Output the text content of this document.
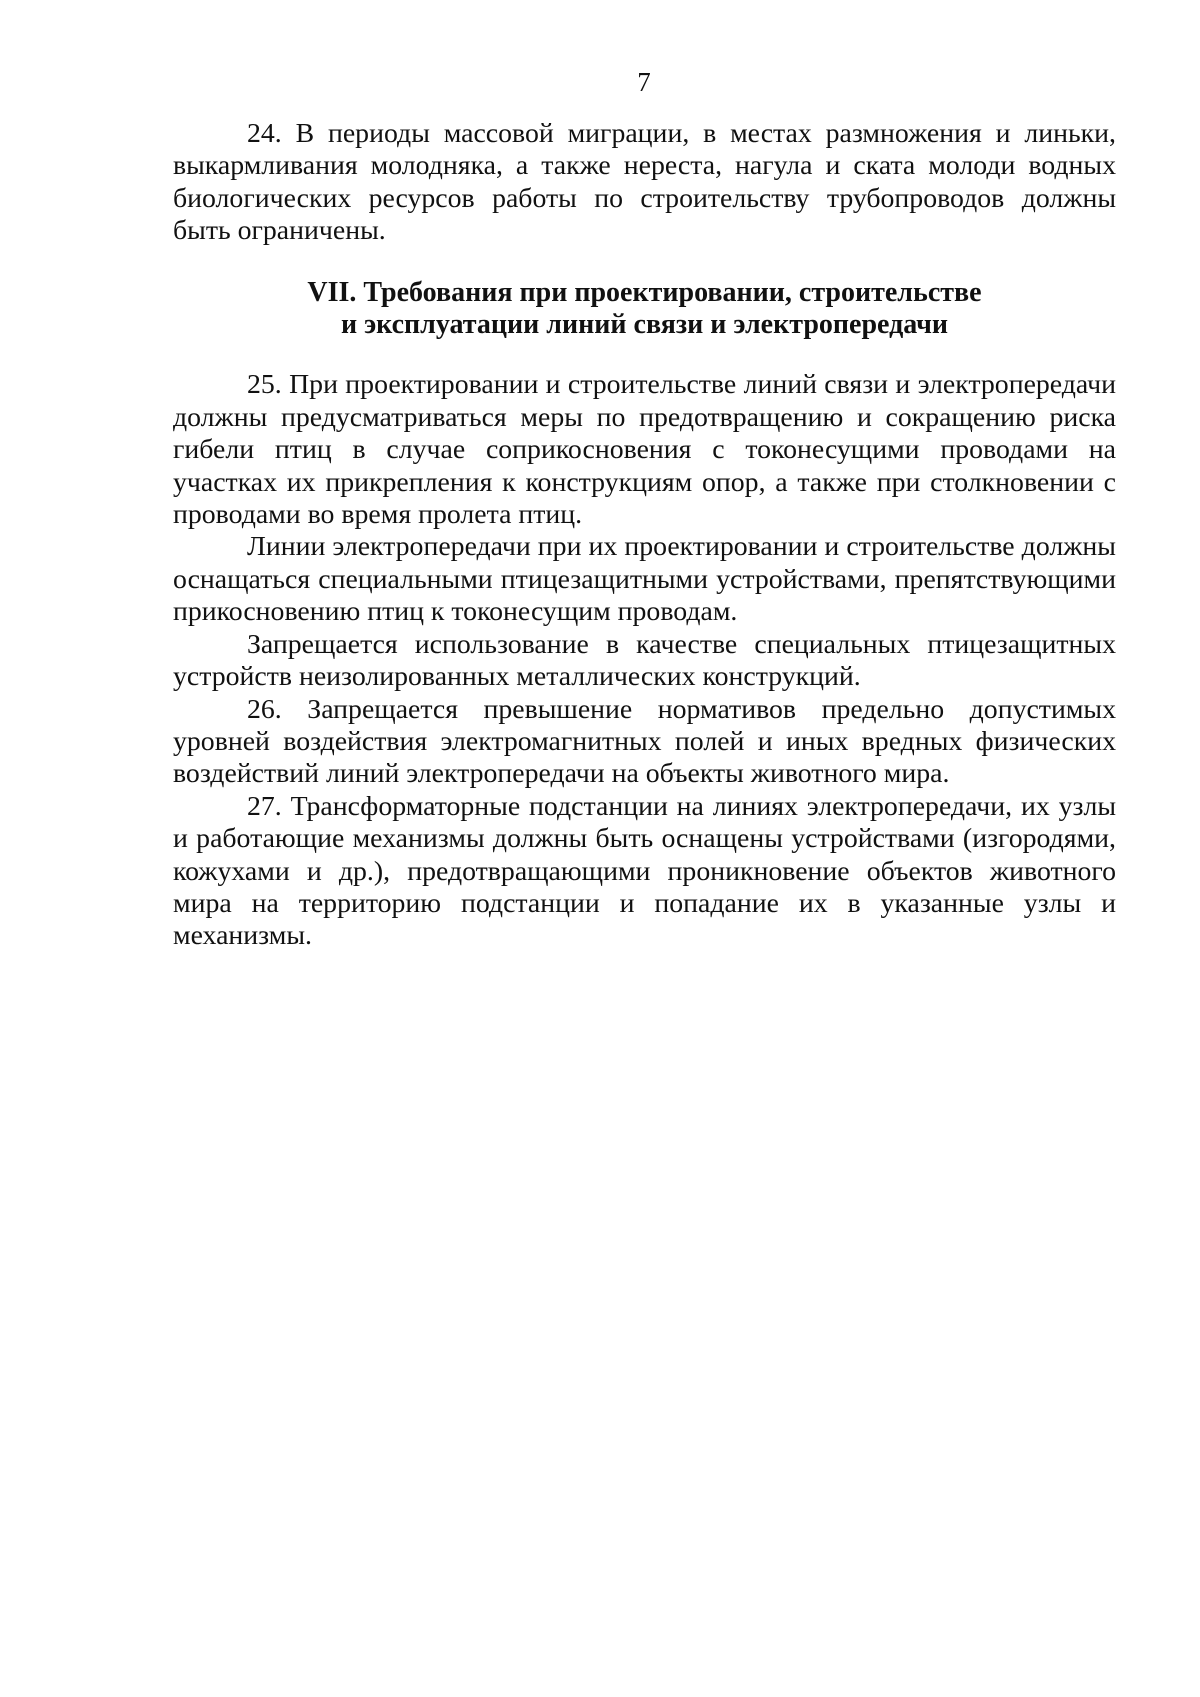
7

24. В периоды массовой миграции, в местах размножения и линьки, выкармливания молодняка, а также нереста, нагула и ската молоди водных биологических ресурсов работы по строительству трубопроводов должны быть ограничены.

VII. Требования при проектировании, строительстве
и эксплуатации линий связи и электропередачи

25. При проектировании и строительстве линий связи и электропередачи должны предусматриваться меры по предотвращению и сокращению риска гибели птиц в случае соприкосновения с токонесущими проводами на участках их прикрепления к конструкциям опор, а также при столкновении с проводами во время пролета птиц.

Линии электропередачи при их проектировании и строительстве должны оснащаться специальными птицезащитными устройствами, препятствующими прикосновению птиц к токонесущим проводам.

Запрещается использование в качестве специальных птицезащитных устройств неизолированных металлических конструкций.

26. Запрещается превышение нормативов предельно допустимых уровней воздействия электромагнитных полей и иных вредных физических воздействий линий электропередачи на объекты животного мира.

27. Трансформаторные подстанции на линиях электропередачи, их узлы и работающие механизмы должны быть оснащены устройствами (изгородями, кожухами и др.), предотвращающими проникновение объектов животного мира на территорию подстанции и попадание их в указанные узлы и механизмы.
